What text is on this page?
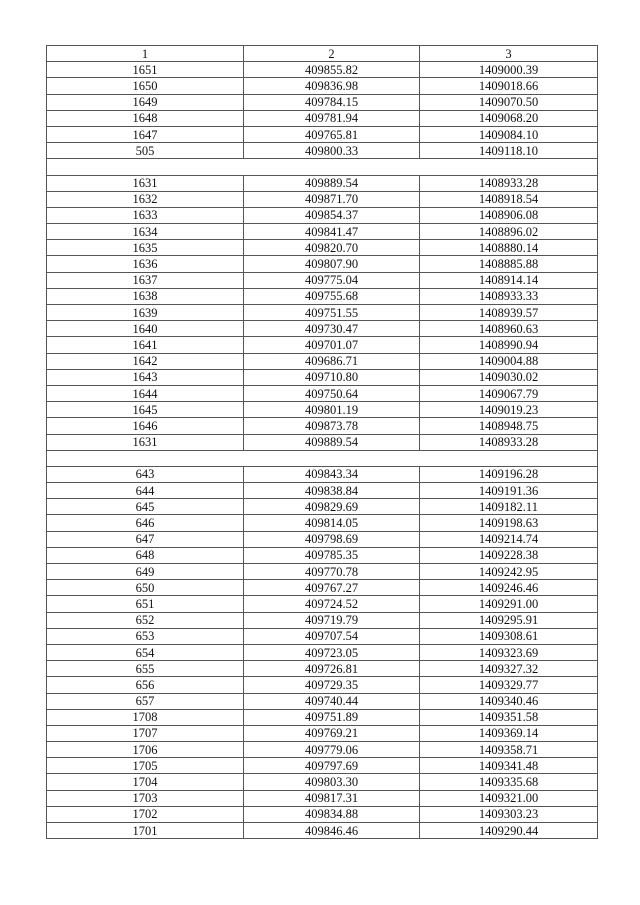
1	2	3
1651	409855.82	1409000.39
1650	409836.98	1409018.66
1649	409784.15	1409070.50
1648	409781.94	1409068.20
1647	409765.81	1409084.10
505	409800.33	1409118.10

1631	409889.54	1408933.28
1632	409871.70	1408918.54
1633	409854.37	1408906.08
1634	409841.47	1408896.02
1635	409820.70	1408880.14
1636	409807.90	1408885.88
1637	409775.04	1408914.14
1638	409755.68	1408933.33
1639	409751.55	1408939.57
1640	409730.47	1408960.63
1641	409701.07	1408990.94
1642	409686.71	1409004.88
1643	409710.80	1409030.02
1644	409750.64	1409067.79
1645	409801.19	1409019.23
1646	409873.78	1408948.75
1631	409889.54	1408933.28

643	409843.34	1409196.28
644	409838.84	1409191.36
645	409829.69	1409182.11
646	409814.05	1409198.63
647	409798.69	1409214.74
648	409785.35	1409228.38
649	409770.78	1409242.95
650	409767.27	1409246.46
651	409724.52	1409291.00
652	409719.79	1409295.91
653	409707.54	1409308.61
654	409723.05	1409323.69
655	409726.81	1409327.32
656	409729.35	1409329.77
657	409740.44	1409340.46
1708	409751.89	1409351.58
1707	409769.21	1409369.14
1706	409779.06	1409358.71
1705	409797.69	1409341.48
1704	409803.30	1409335.68
1703	409817.31	1409321.00
1702	409834.88	1409303.23
1701	409846.46	1409290.44
